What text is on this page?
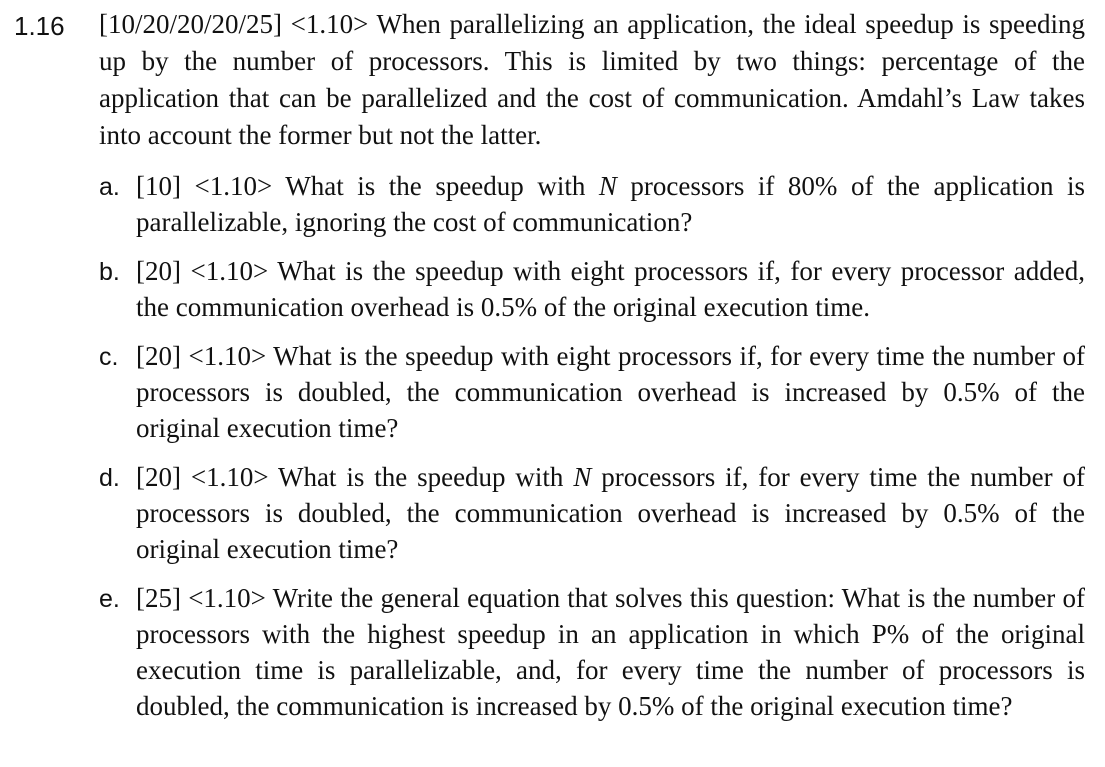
1.16 [10/20/20/20/25] <1.10> When parallelizing an application, the ideal speedup is speeding up by the number of processors. This is limited by two things: percentage of the application that can be parallelized and the cost of communication. Amdahl’s Law takes into account the former but not the latter.
a. [10] <1.10> What is the speedup with N processors if 80% of the application is parallelizable, ignoring the cost of communication?
b. [20] <1.10> What is the speedup with eight processors if, for every processor added, the communication overhead is 0.5% of the original execution time.
c. [20] <1.10> What is the speedup with eight processors if, for every time the number of processors is doubled, the communication overhead is increased by 0.5% of the original execution time?
d. [20] <1.10> What is the speedup with N processors if, for every time the number of processors is doubled, the communication overhead is increased by 0.5% of the original execution time?
e. [25] <1.10> Write the general equation that solves this question: What is the number of processors with the highest speedup in an application in which P% of the original execution time is parallelizable, and, for every time the number of processors is doubled, the communication is increased by 0.5% of the original execution time?
